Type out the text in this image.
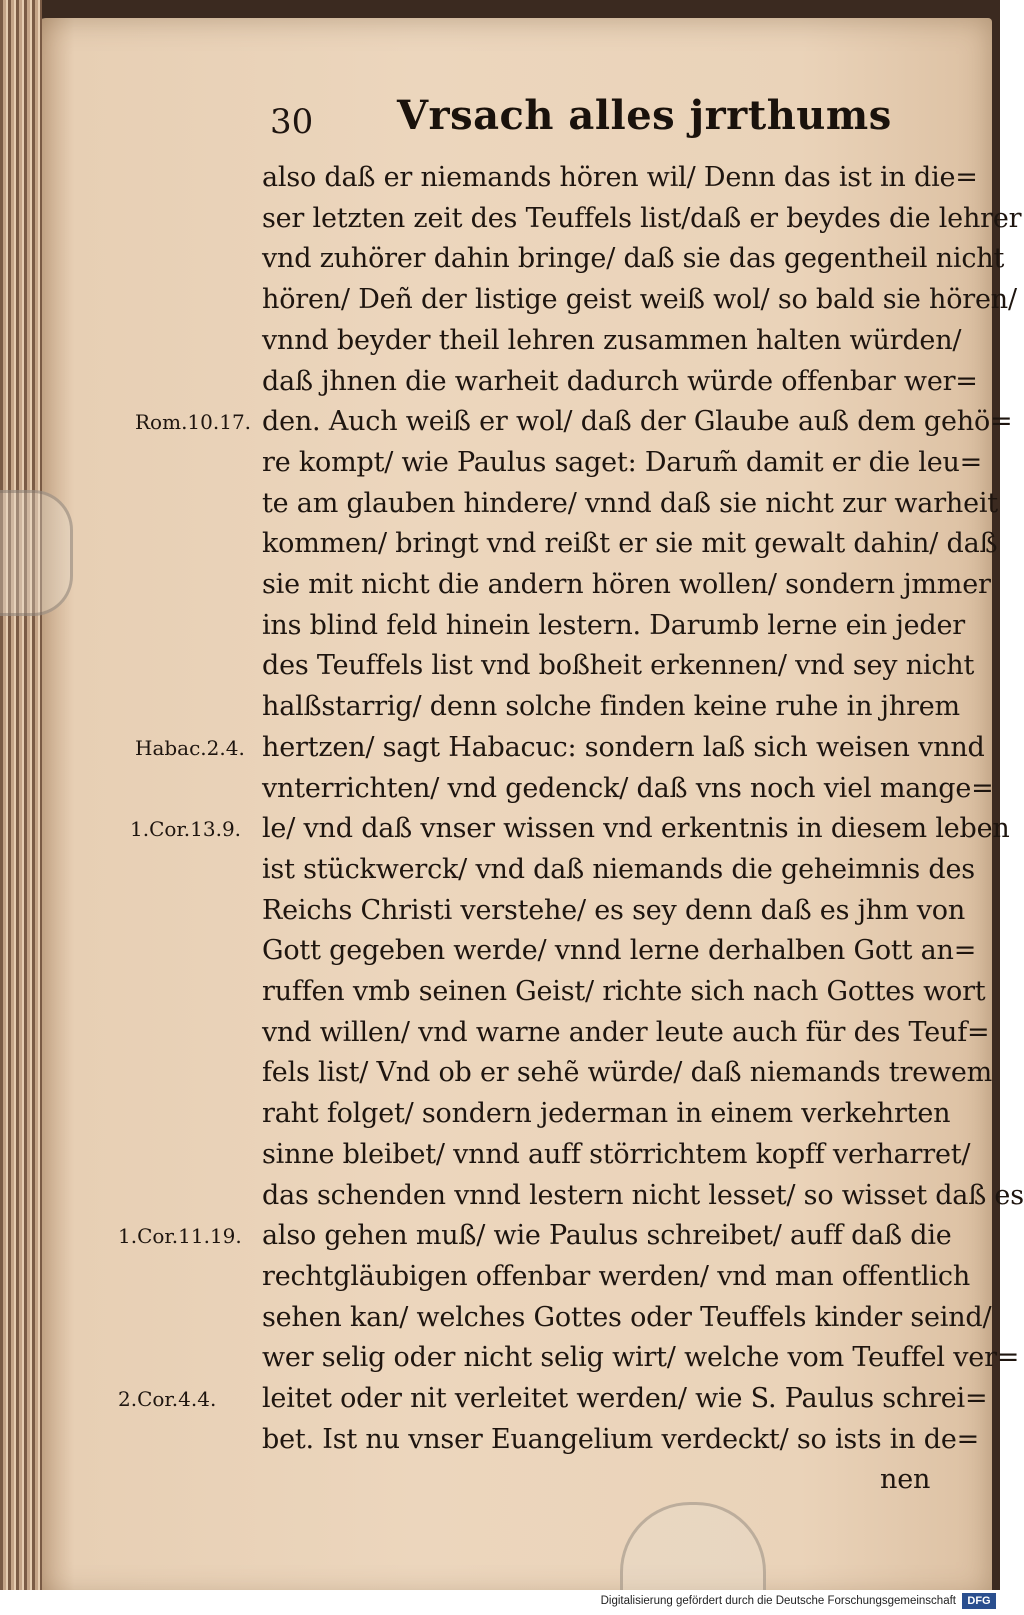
30 Vrsach alles jrrthums
also daß er niemands hören wil/ Denn das ist in die=
ser letzten zeit des Teuffels list/daß er beydes die lehrer
vnd zuhörer dahin bringe/ daß sie das gegentheil nicht
hören/ Deñ der listige geist weiß wol/ so bald sie hören/
vnnd beyder theil lehren zusammen halten würden/
daß jhnen die warheit dadurch würde offenbar wer=
den. Auch weiß er wol/ daß der Glaube auß dem gehö=
re kompt/ wie Paulus saget: Darum̃ damit er die leu=
te am glauben hindere/ vnnd daß sie nicht zur warheit
kommen/ bringt vnd reißt er sie mit gewalt dahin/ daß
sie mit nicht die andern hören wollen/ sondern jmmer
ins blind feld hinein lestern. Darumb lerne ein jeder
des Teuffels list vnd boßheit erkennen/ vnd sey nicht
halßstarrig/ denn solche finden keine ruhe in jhrem
hertzen/ sagt Habacuc: sondern laß sich weisen vnnd
vnterrichten/ vnd gedenck/ daß vns noch viel mange=
le/ vnd daß vnser wissen vnd erkentnis in diesem leben
ist stückwerck/ vnd daß niemands die geheimnis des
Reichs Christi verstehe/ es sey denn daß es jhm von
Gott gegeben werde/ vnnd lerne derhalben Gott an=
ruffen vmb seinen Geist/ richte sich nach Gottes wort
vnd willen/ vnd warne ander leute auch für des Teuf=
fels list/ Vnd ob er sehẽ würde/ daß niemands trewem
raht folget/ sondern jederman in einem verkehrten
sinne bleibet/ vnnd auff störrichtem kopff verharret/
das schenden vnnd lestern nicht lesset/ so wisset daß es
also gehen muß/ wie Paulus schreibet/ auff daß die
rechtgläubigen offenbar werden/ vnd man offentlich
sehen kan/ welches Gottes oder Teuffels kinder seind/
wer selig oder nicht selig wirt/ welche vom Teuffel ver=
leitet oder nit verleitet werden/ wie S. Paulus schrei=
bet. Ist nu vnser Euangelium verdeckt/ so ists in de=
nen
Rom.10.17.
Habac.2.4.
1.Cor.13.9.
1.Cor.11.19.
2.Cor.4.4.
Digitalisierung gefördert durch die Deutsche Forschungsgemeinschaft	DFG
